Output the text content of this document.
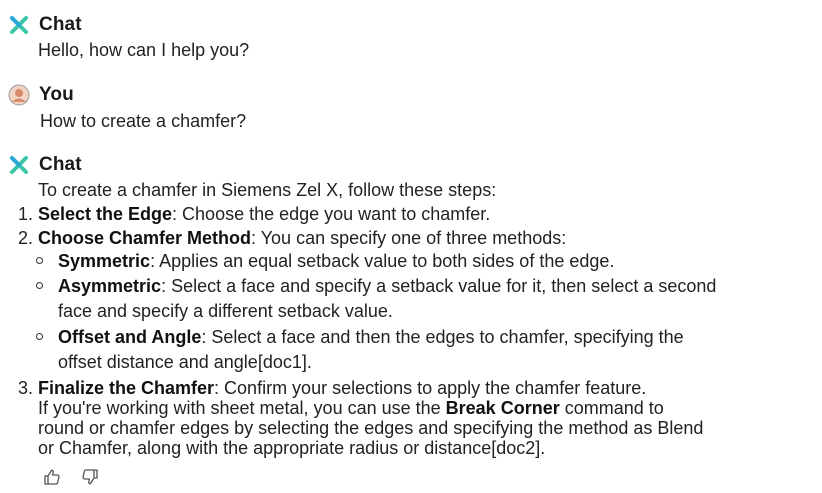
Chat
Hello, how can I help you?
You
How to create a chamfer?
Chat
To create a chamfer in Siemens Zel X, follow these steps:
1. Select the Edge: Choose the edge you want to chamfer.
2. Choose Chamfer Method: You can specify one of three methods:
Symmetric: Applies an equal setback value to both sides of the edge.
Asymmetric: Select a face and specify a setback value for it, then select a second
face and specify a different setback value.
Offset and Angle: Select a face and then the edges to chamfer, specifying the
offset distance and angle[doc1].
3. Finalize the Chamfer: Confirm your selections to apply the chamfer feature.
If you're working with sheet metal, you can use the Break Corner command to
round or chamfer edges by selecting the edges and specifying the method as Blend
or Chamfer, along with the appropriate radius or distance[doc2].
